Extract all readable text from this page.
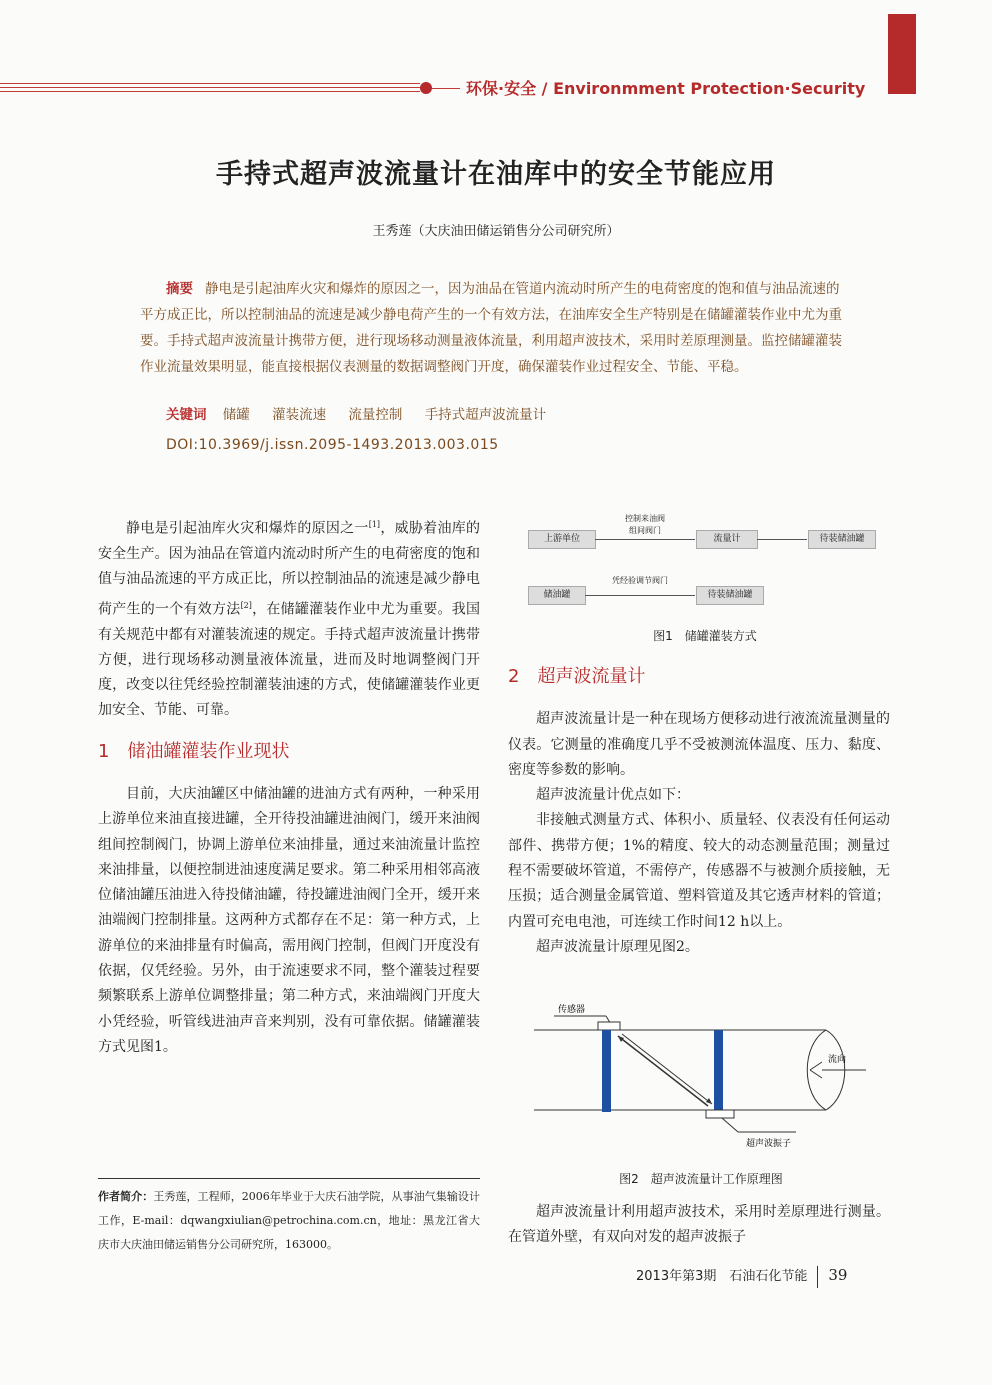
环保·安全 / Environmment Protection·Security
手持式超声波流量计在油库中的安全节能应用
王秀莲（大庆油田储运销售分公司研究所）
摘要 静电是引起油库火灾和爆炸的原因之一，因为油品在管道内流动时所产生的电荷密度的饱和值与油品流速的平方成正比，所以控制油品的流速是减少静电荷产生的一个有效方法，在油库安全生产特别是在储罐灌装作业中尤为重要。手持式超声波流量计携带方便，进行现场移动测量液体流量，利用超声波技术，采用时差原理测量。监控储罐灌装作业流量效果明显，能直接根据仪表测量的数据调整阀门开度，确保灌装作业过程安全、节能、平稳。
关键词 储罐 灌装流速 流量控制 手持式超声波流量计
DOI:10.3969/j.issn.2095-1493.2013.003.015

静电是引起油库火灾和爆炸的原因之一[1]，威胁着油库的安全生产。因为油品在管道内流动时所产生的电荷密度的饱和值与油品流速的平方成正比，所以控制油品的流速是减少静电荷产生的一个有效方法[2]，在储罐灌装作业中尤为重要。我国有关规范中都有对灌装流速的规定。手持式超声波流量计携带方便，进行现场移动测量液体流量，进而及时地调整阀门开度，改变以往凭经验控制灌装油速的方式，使储罐灌装作业更加安全、节能、可靠。

1 储油罐灌装作业现状

目前，大庆油罐区中储油罐的进油方式有两种，一种采用上游单位来油直接进罐，全开待投油罐进油阀门，缓开来油阀组间控制阀门，协调上游单位来油排量，通过来油流量计监控来油排量，以便控制进油速度满足要求。第二种采用相邻高液位储油罐压油进入待投储油罐，待投罐进油阀门全开，缓开来油端阀门控制排量。这两种方式都存在不足：第一种方式，上游单位的来油排量有时偏高，需用阀门控制，但阀门开度没有依据，仅凭经验。另外，由于流速要求不同，整个灌装过程要频繁联系上游单位调整排量；第二种方式，来油端阀门开度大小凭经验，听管线进油声音来判别，没有可靠依据。储罐灌装方式见图1。

作者简介：王秀莲，工程师，2006年毕业于大庆石油学院，从事油气集输设计工作，E-mail：dqwangxiulian@petrochina.com.cn，地址：黑龙江省大庆市大庆油田储运销售分公司研究所，163000。
上游单位
控制来油阀
组间阀门
流量计	待装储油罐
储油罐
凭经验调节阀门
待装储油罐
图1　储罐灌装方式
2 超声波流量计

超声波流量计是一种在现场方便移动进行液流流量测量的仪表。它测量的准确度几乎不受被测流体温度、压力、黏度、密度等参数的影响。

超声波流量计优点如下：

非接触式测量方式、体积小、质量轻、仪表没有任何运动部件、携带方便；1%的精度、较大的动态测量范围；测量过程不需要破坏管道，不需停产，传感器不与被测介质接触，无压损；适合测量金属管道、塑料管道及其它透声材料的管道；内置可充电电池，可连续工作时间12 h以上。

超声波流量计原理见图2。

传感器
流向
超声波振子
图2　超声波流量计工作原理图

超声波流量计利用超声波技术，采用时差原理进行测量。在管道外壁，有双向对发的超声波振子

2013年第3期　石油石化节能 39
